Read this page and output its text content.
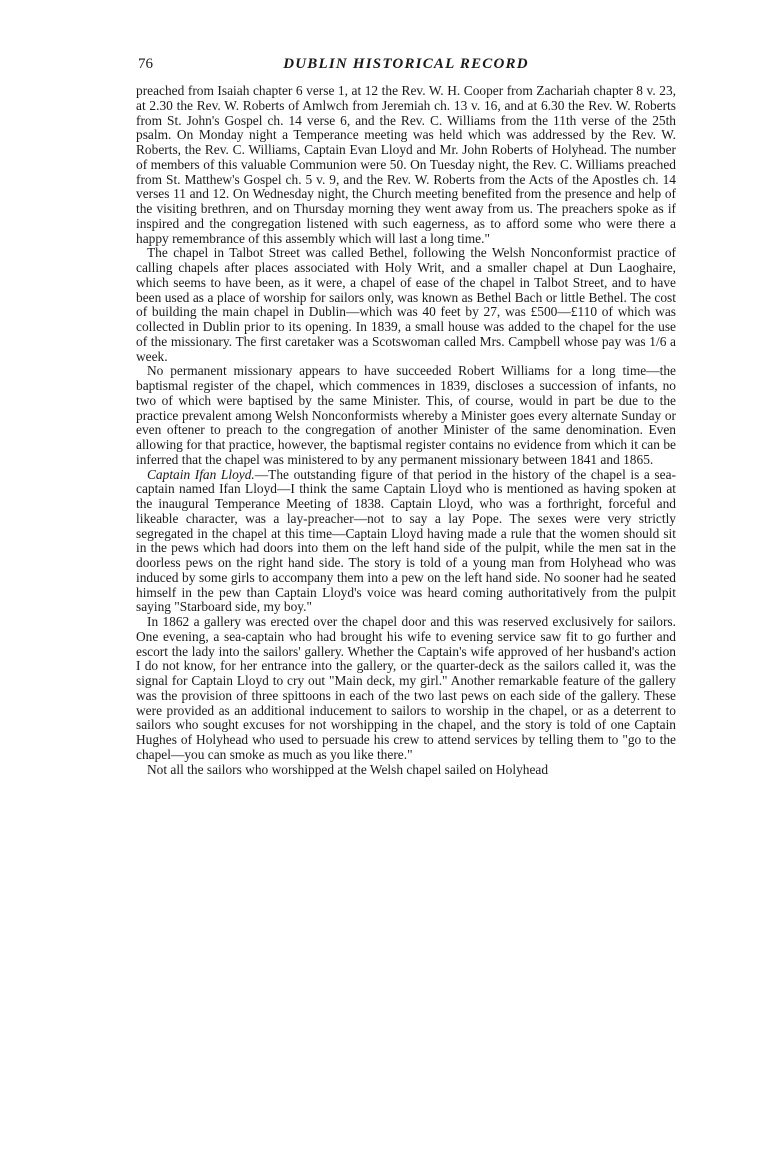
76	DUBLIN HISTORICAL RECORD

preached from Isaiah chapter 6 verse 1, at 12 the Rev. W. H. Cooper from Zachariah chapter 8 v. 23, at 2.30 the Rev. W. Roberts of Amlwch from Jeremiah ch. 13 v. 16, and at 6.30 the Rev. W. Roberts from St. John's Gospel ch. 14 verse 6, and the Rev. C. Williams from the 11th verse of the 25th psalm. On Monday night a Temperance meeting was held which was addressed by the Rev. W. Roberts, the Rev. C. Williams, Captain Evan Lloyd and Mr. John Roberts of Holyhead. The number of members of this valuable Communion were 50. On Tuesday night, the Rev. C. Williams preached from St. Matthew's Gospel ch. 5 v. 9, and the Rev. W. Roberts from the Acts of the Apostles ch. 14 verses 11 and 12. On Wednesday night, the Church meeting benefited from the presence and help of the visiting brethren, and on Thursday morning they went away from us. The preachers spoke as if inspired and the congregation listened with such eagerness, as to afford some who were there a happy remembrance of this assembly which will last a long time."

The chapel in Talbot Street was called Bethel, following the Welsh Nonconformist practice of calling chapels after places associated with Holy Writ, and a smaller chapel at Dun Laoghaire, which seems to have been, as it were, a chapel of ease of the chapel in Talbot Street, and to have been used as a place of worship for sailors only, was known as Bethel Bach or little Bethel. The cost of building the main chapel in Dublin—which was 40 feet by 27, was £500—£110 of which was collected in Dublin prior to its opening. In 1839, a small house was added to the chapel for the use of the missionary. The first caretaker was a Scotswoman called Mrs. Campbell whose pay was 1/6 a week.

No permanent missionary appears to have succeeded Robert Williams for a long time—the baptismal register of the chapel, which commences in 1839, discloses a succession of infants, no two of which were baptised by the same Minister. This, of course, would in part be due to the practice prevalent among Welsh Nonconformists whereby a Minister goes every alternate Sunday or even oftener to preach to the congregation of another Minister of the same denomination. Even allowing for that practice, however, the baptismal register contains no evidence from which it can be inferred that the chapel was ministered to by any permanent missionary between 1841 and 1865.

Captain Ifan Lloyd.—The outstanding figure of that period in the history of the chapel is a sea-captain named Ifan Lloyd—I think the same Captain Lloyd who is mentioned as having spoken at the inaugural Temperance Meeting of 1838. Captain Lloyd, who was a forthright, forceful and likeable character, was a lay-preacher—not to say a lay Pope. The sexes were very strictly segregated in the chapel at this time—Captain Lloyd having made a rule that the women should sit in the pews which had doors into them on the left hand side of the pulpit, while the men sat in the doorless pews on the right hand side. The story is told of a young man from Holyhead who was induced by some girls to accompany them into a pew on the left hand side. No sooner had he seated himself in the pew than Captain Lloyd's voice was heard coming authoritatively from the pulpit saying "Starboard side, my boy."

In 1862 a gallery was erected over the chapel door and this was reserved exclusively for sailors. One evening, a sea-captain who had brought his wife to evening service saw fit to go further and escort the lady into the sailors' gallery. Whether the Captain's wife approved of her husband's action I do not know, for her entrance into the gallery, or the quarter-deck as the sailors called it, was the signal for Captain Lloyd to cry out "Main deck, my girl." Another remarkable feature of the gallery was the provision of three spittoons in each of the two last pews on each side of the gallery. These were provided as an additional inducement to sailors to worship in the chapel, or as a deterrent to sailors who sought excuses for not worshipping in the chapel, and the story is told of one Captain Hughes of Holyhead who used to persuade his crew to attend services by telling them to "go to the chapel—you can smoke as much as you like there."

Not all the sailors who worshipped at the Welsh chapel sailed on Holyhead
